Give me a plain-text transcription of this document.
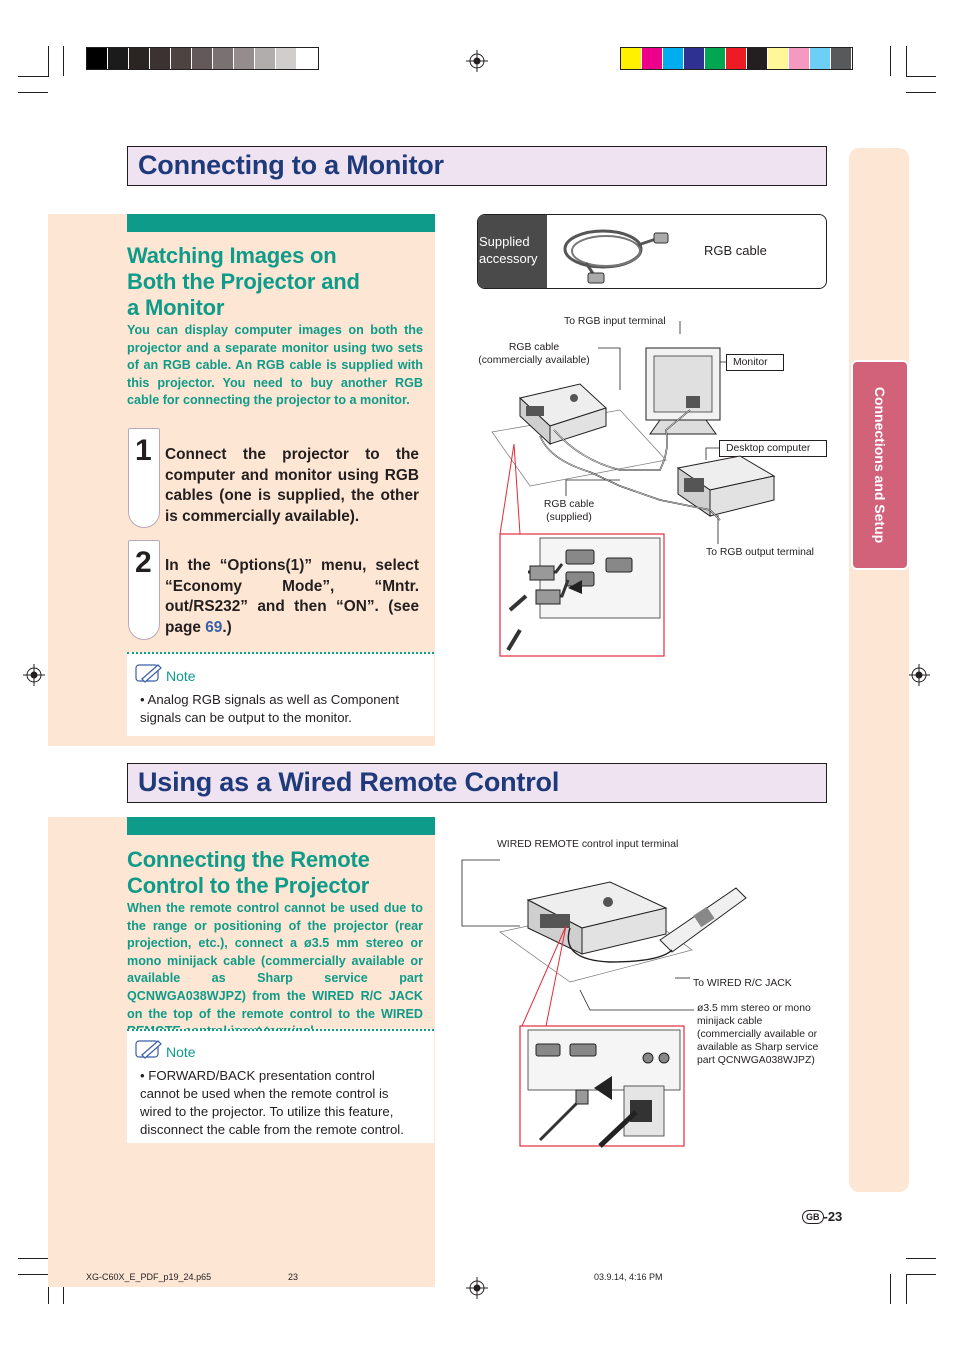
Connections and Setup
Connecting to a Monitor
Watching Images on
Both the Projector and
a Monitor
You can display computer images on both the projector and a separate monitor using two sets of an RGB cable. An RGB cable is supplied with this projector. You need to buy another RGB cable for connecting the projector to a monitor.
1 Connect the projector to the computer and monitor using RGB cables (one is supplied, the other is commercially available).
2 In the “Options(1)” menu, select “Economy Mode”, “Mntr. out/RS232” and then “ON”. (see page 69.)
Note
• Analog RGB signals as well as Component signals can be output to the monitor.
Supplied
accessory
RGB cable
To RGB input terminal
RGB cable
(commercially available)	Monitor
Desktop computer
RGB cable
(supplied)
To RGB output terminal
Using as a Wired Remote Control
Connecting the Remote
Control to the Projector
When the remote control cannot be used due to the range or positioning of the projector (rear projection, etc.), connect a ø3.5 mm stereo or mono minijack cable (commercially available or available as Sharp service part QCNWGA038WJPZ) from the WIRED R/C JACK on the top of the remote control to the WIRED
Note
• FORWARD/BACK presentation control cannot be used when the remote control is wired to the projector. To utilize this feature, disconnect the cable from the remote control.
WIRED REMOTE control input terminal
To WIRED R/C JACK
ø3.5 mm stereo or mono minijack cable (commercially available or available as Sharp service part QCNWGA038WJPZ)
GB -23
XG-C60X_E_PDF_p19_24.p65	23	03.9.14, 4:16 PM
